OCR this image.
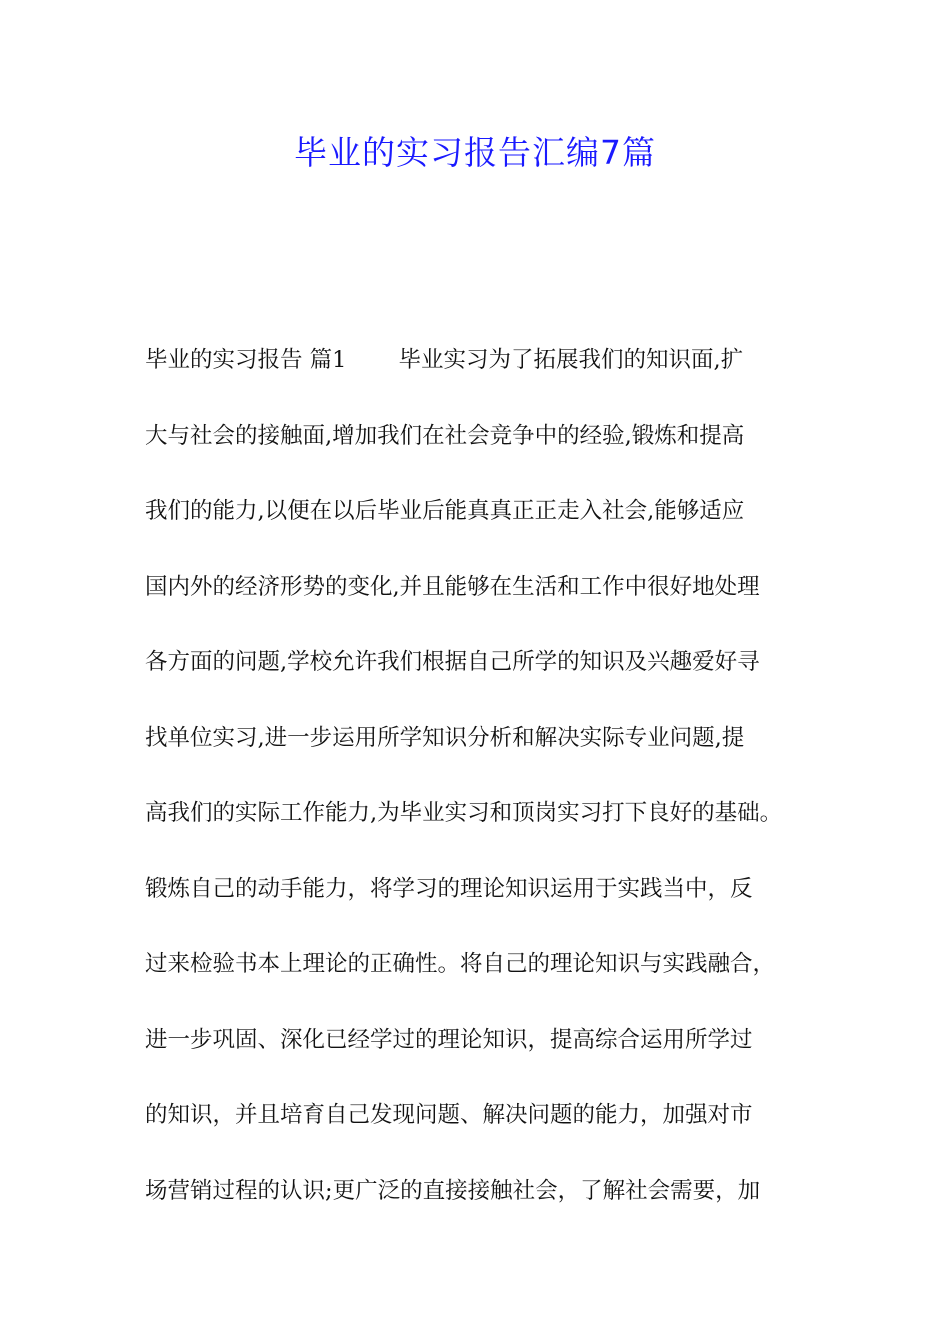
毕业的实习报告汇编7篇
毕业的实习报告 篇1 毕业实习为了拓展我们的知识面,扩
大与社会的接触面,增加我们在社会竞争中的经验,锻炼和提高
我们的能力,以便在以后毕业后能真真正正走入社会,能够适应
国内外的经济形势的变化,并且能够在生活和工作中很好地处理
各方面的问题,学校允许我们根据自己所学的知识及兴趣爱好寻
找单位实习,进一步运用所学知识分析和解决实际专业问题,提
高我们的实际工作能力,为毕业实习和顶岗实习打下良好的基础。
锻炼自己的动手能力，将学习的理论知识运用于实践当中，反
过来检验书本上理论的正确性。将自己的理论知识与实践融合，
进一步巩固、深化已经学过的理论知识，提高综合运用所学过
的知识，并且培育自己发现问题、解决问题的能力，加强对市
场营销过程的认识;更广泛的直接接触社会，了解社会需要，加
